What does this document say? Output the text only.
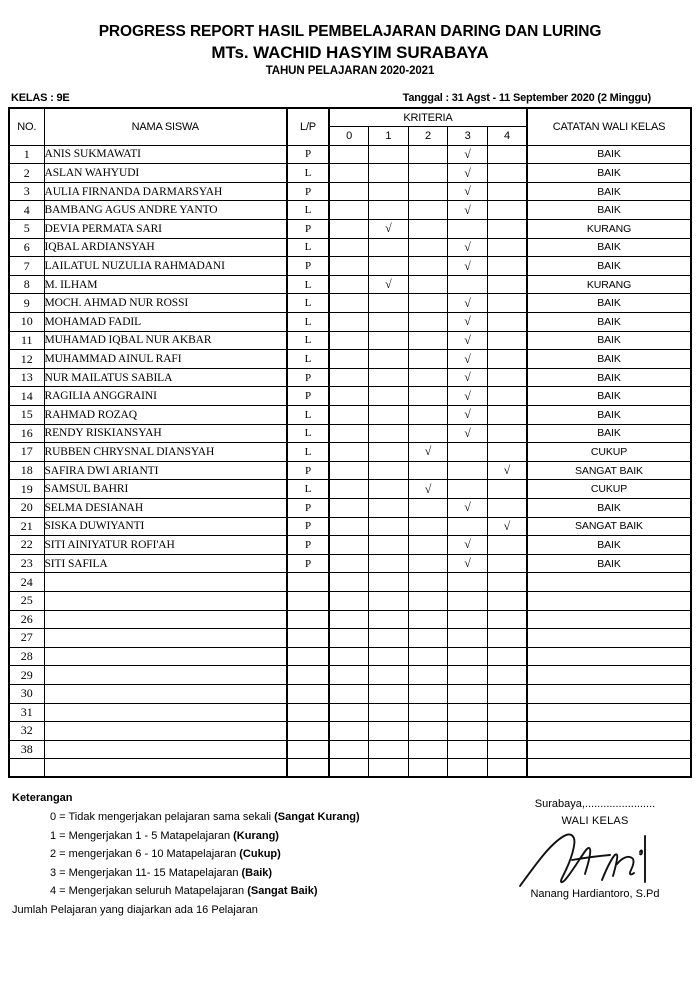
PROGRESS REPORT HASIL PEMBELAJARAN DARING DAN LURING
MTs. WACHID HASYIM SURABAYA
TAHUN PELAJARAN 2020-2021
KELAS : 9E	Tanggal : 31 Agst - 11 September 2020 (2 Minggu)
NO.	NAMA SISWA	L/P	KRITERIA					CATATAN WALI KELAS
			0	1	2	3	4	
1	ANIS SUKMAWATI	P				√		BAIK
2	ASLAN WAHYUDI	L				√		BAIK
3	AULIA FIRNANDA DARMARSYAH	P				√		BAIK
4	BAMBANG AGUS ANDRE YANTO	L				√		BAIK
5	DEVIA PERMATA SARI	P		√				KURANG
6	IQBAL ARDIANSYAH	L				√		BAIK
7	LAILATUL NUZULIA RAHMADANI	P				√		BAIK
8	M. ILHAM	L		√				KURANG
9	MOCH. AHMAD NUR ROSSI	L				√		BAIK
10	MOHAMAD FADIL	L				√		BAIK
11	MUHAMAD IQBAL NUR AKBAR	L				√		BAIK
12	MUHAMMAD AINUL RAFI	L				√		BAIK
13	NUR MAILATUS SABILA	P				√		BAIK
14	RAGILIA ANGGRAINI	P				√		BAIK
15	RAHMAD ROZAQ	L				√		BAIK
16	RENDY RISKIANSYAH	L				√		BAIK
17	RUBBEN CHRYSNAL DIANSYAH	L			√			CUKUP
18	SAFIRA DWI ARIANTI	P					√	SANGAT BAIK
19	SAMSUL BAHRI	L			√			CUKUP
20	SELMA DESIANAH	P				√		BAIK
21	SISKA DUWIYANTI	P					√	SANGAT BAIK
22	SITI AINIYATUR ROFI'AH	P				√		BAIK
23	SITI SAFILA	P				√		BAIK
24								
25								
26								
27								
28								
29								
30								
31								
32								
38								

Keterangan
0 = Tidak mengerjakan pelajaran sama sekali (Sangat Kurang)
1 = Mengerjakan 1 - 5 Matapelajaran (Kurang)
2 = mengerjakan 6 - 10 Matapelajaran (Cukup)
3 = Mengerjakan 11- 15 Matapelajaran (Baik)
4 = Mengerjakan seluruh Matapelajaran (Sangat Baik)
Jumlah Pelajaran yang diajarkan ada 16 Pelajaran
Surabaya,.......................
WALI KELAS
Nanang Hardiantoro, S.Pd
